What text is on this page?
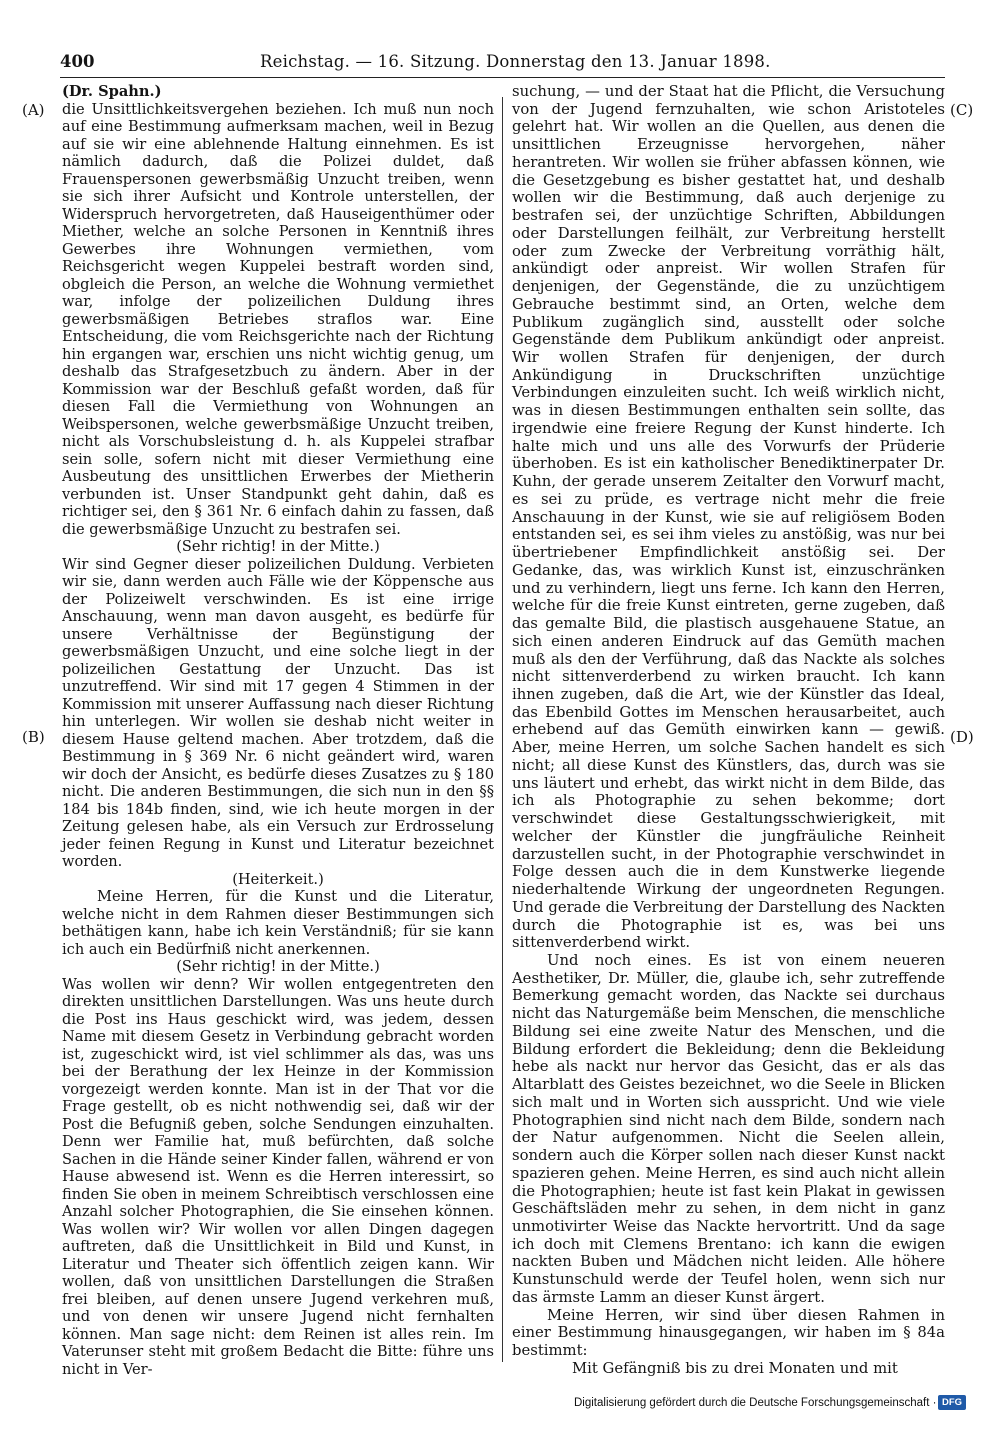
400	Reichstag. — 16. Sitzung. Donnerstag den 13. Januar 1898.
(A)
(B)
(C)
(D)

(Dr. Spahn.)

die Unsittlichkeitsvergehen beziehen. Ich muß nun noch auf eine Bestimmung aufmerksam machen, weil in Bezug auf sie wir eine ablehnende Haltung einnehmen. Es ist nämlich dadurch, daß die Polizei duldet, daß Frauenspersonen gewerbsmäßig Unzucht treiben, wenn sie sich ihrer Aufsicht und Kontrole unterstellen, der Widerspruch hervorgetreten, daß Hauseigenthümer oder Miether, welche an solche Personen in Kenntniß ihres Gewerbes ihre Wohnungen vermiethen, vom Reichsgericht wegen Kuppelei bestraft worden sind, obgleich die Person, an welche die Wohnung vermiethet war, infolge der polizeilichen Duldung ihres gewerbsmäßigen Betriebes straflos war. Eine Entscheidung, die vom Reichsgerichte nach der Richtung hin ergangen war, erschien uns nicht wichtig genug, um deshalb das Strafgesetzbuch zu ändern. Aber in der Kommission war der Beschluß gefaßt worden, daß für diesen Fall die Vermiethung von Wohnungen an Weibspersonen, welche gewerbsmäßige Unzucht treiben, nicht als Vorschubsleistung d. h. als Kuppelei strafbar sein solle, sofern nicht mit dieser Vermiethung eine Ausbeutung des unsittlichen Erwerbes der Mietherin verbunden ist. Unser Standpunkt geht dahin, daß es richtiger sei, den § 361 Nr. 6 einfach dahin zu fassen, daß die gewerbsmäßige Unzucht zu bestrafen sei.

(Sehr richtig! in der Mitte.)

Wir sind Gegner dieser polizeilichen Duldung. Verbieten wir sie, dann werden auch Fälle wie der Köppensche aus der Polizeiwelt verschwinden. Es ist eine irrige Anschauung, wenn man davon ausgeht, es bedürfe für unsere Verhältnisse der Begünstigung der gewerbsmäßigen Unzucht, und eine solche liegt in der polizeilichen Gestattung der Unzucht. Das ist unzutreffend. Wir sind mit 17 gegen 4 Stimmen in der Kommission mit unserer Auffassung nach dieser Richtung hin unterlegen. Wir wollen sie deshab nicht weiter in diesem Hause geltend machen. Aber trotzdem, daß die Bestimmung in § 369 Nr. 6 nicht geändert wird, waren wir doch der Ansicht, es bedürfe dieses Zusatzes zu § 180 nicht. Die anderen Bestimmungen, die sich nun in den §§ 184 bis 184b finden, sind, wie ich heute morgen in der Zeitung gelesen habe, als ein Versuch zur Erdrosselung jeder feinen Regung in Kunst und Literatur bezeichnet worden.

(Heiterkeit.)

Meine Herren, für die Kunst und die Literatur, welche nicht in dem Rahmen dieser Bestimmungen sich bethätigen kann, habe ich kein Verständniß; für sie kann ich auch ein Bedürfniß nicht anerkennen.

(Sehr richtig! in der Mitte.)

Was wollen wir denn? Wir wollen entgegentreten den direkten unsittlichen Darstellungen. Was uns heute durch die Post ins Haus geschickt wird, was jedem, dessen Name mit diesem Gesetz in Verbindung gebracht worden ist, zugeschickt wird, ist viel schlimmer als das, was uns bei der Berathung der lex Heinze in der Kommission vorgezeigt werden konnte. Man ist in der That vor die Frage gestellt, ob es nicht nothwendig sei, daß wir der Post die Befugniß geben, solche Sendungen einzuhalten. Denn wer Familie hat, muß befürchten, daß solche Sachen in die Hände seiner Kinder fallen, während er von Hause abwesend ist. Wenn es die Herren interessirt, so finden Sie oben in meinem Schreibtisch verschlossen eine Anzahl solcher Photographien, die Sie einsehen können. Was wollen wir? Wir wollen vor allen Dingen dagegen auftreten, daß die Unsittlichkeit in Bild und Kunst, in Literatur und Theater sich öffentlich zeigen kann. Wir wollen, daß von unsittlichen Darstellungen die Straßen frei bleiben, auf denen unsere Jugend verkehren muß, und von denen wir unsere Jugend nicht fernhalten können. Man sage nicht: dem Reinen ist alles rein. Im Vaterunser steht mit großem Bedacht die Bitte: führe uns nicht in Ver-

suchung, — und der Staat hat die Pflicht, die Versuchung von der Jugend fernzuhalten, wie schon Aristoteles gelehrt hat. Wir wollen an die Quellen, aus denen die unsittlichen Erzeugnisse hervorgehen, näher herantreten. Wir wollen sie früher abfassen können, wie die Gesetzgebung es bisher gestattet hat, und deshalb wollen wir die Bestimmung, daß auch derjenige zu bestrafen sei, der unzüchtige Schriften, Abbildungen oder Darstellungen feilhält, zur Verbreitung herstellt oder zum Zwecke der Verbreitung vorräthig hält, ankündigt oder anpreist. Wir wollen Strafen für denjenigen, der Gegenstände, die zu unzüchtigem Gebrauche bestimmt sind, an Orten, welche dem Publikum zugänglich sind, ausstellt oder solche Gegenstände dem Publikum ankündigt oder anpreist. Wir wollen Strafen für denjenigen, der durch Ankündigung in Druckschriften unzüchtige Verbindungen einzuleiten sucht. Ich weiß wirklich nicht, was in diesen Bestimmungen enthalten sein sollte, das irgendwie eine freiere Regung der Kunst hinderte. Ich halte mich und uns alle des Vorwurfs der Prüderie überhoben. Es ist ein katholischer Benediktinerpater Dr. Kuhn, der gerade unserem Zeitalter den Vorwurf macht, es sei zu prüde, es vertrage nicht mehr die freie Anschauung in der Kunst, wie sie auf religiösem Boden entstanden sei, es sei ihm vieles zu anstößig, was nur bei übertriebener Empfindlichkeit anstößig sei. Der Gedanke, das, was wirklich Kunst ist, einzuschränken und zu verhindern, liegt uns ferne. Ich kann den Herren, welche für die freie Kunst eintreten, gerne zugeben, daß das gemalte Bild, die plastisch ausgehauene Statue, an sich einen anderen Eindruck auf das Gemüth machen muß als den der Verführung, daß das Nackte als solches nicht sittenverderbend zu wirken braucht. Ich kann ihnen zugeben, daß die Art, wie der Künstler das Ideal, das Ebenbild Gottes im Menschen herausarbeitet, auch erhebend auf das Gemüth einwirken kann — gewiß. Aber, meine Herren, um solche Sachen handelt es sich nicht; all diese Kunst des Künstlers, das, durch was sie uns läutert und erhebt, das wirkt nicht in dem Bilde, das ich als Photographie zu sehen bekomme; dort verschwindet diese Gestaltungsschwierigkeit, mit welcher der Künstler die jungfräuliche Reinheit darzustellen sucht, in der Photographie verschwindet in Folge dessen auch die in dem Kunstwerke liegende niederhaltende Wirkung der ungeordneten Regungen. Und gerade die Verbreitung der Darstellung des Nackten durch die Photographie ist es, was bei uns sittenverderbend wirkt.

Und noch eines. Es ist von einem neueren Aesthetiker, Dr. Müller, die, glaube ich, sehr zutreffende Bemerkung gemacht worden, das Nackte sei durchaus nicht das Naturgemäße beim Menschen, die menschliche Bildung sei eine zweite Natur des Menschen, und die Bildung erfordert die Bekleidung; denn die Bekleidung hebe als nackt nur hervor das Gesicht, das er als das Altarblatt des Geistes bezeichnet, wo die Seele in Blicken sich malt und in Worten sich ausspricht. Und wie viele Photographien sind nicht nach dem Bilde, sondern nach der Natur aufgenommen. Nicht die Seelen allein, sondern auch die Körper sollen nach dieser Kunst nackt spazieren gehen. Meine Herren, es sind auch nicht allein die Photographien; heute ist fast kein Plakat in gewissen Geschäftsläden mehr zu sehen, in dem nicht in ganz unmotivirter Weise das Nackte hervortritt. Und da sage ich doch mit Clemens Brentano: ich kann die ewigen nackten Buben und Mädchen nicht leiden. Alle höhere Kunstunschuld werde der Teufel holen, wenn sich nur das ärmste Lamm an dieser Kunst ärgert.

Meine Herren, wir sind über diesen Rahmen in einer Bestimmung hinausgegangen, wir haben im § 84a bestimmt:

Mit Gefängniß bis zu drei Monaten und mit

Digitalisierung gefördert durch die Deutsche Forschungsgemeinschaft · DFG
